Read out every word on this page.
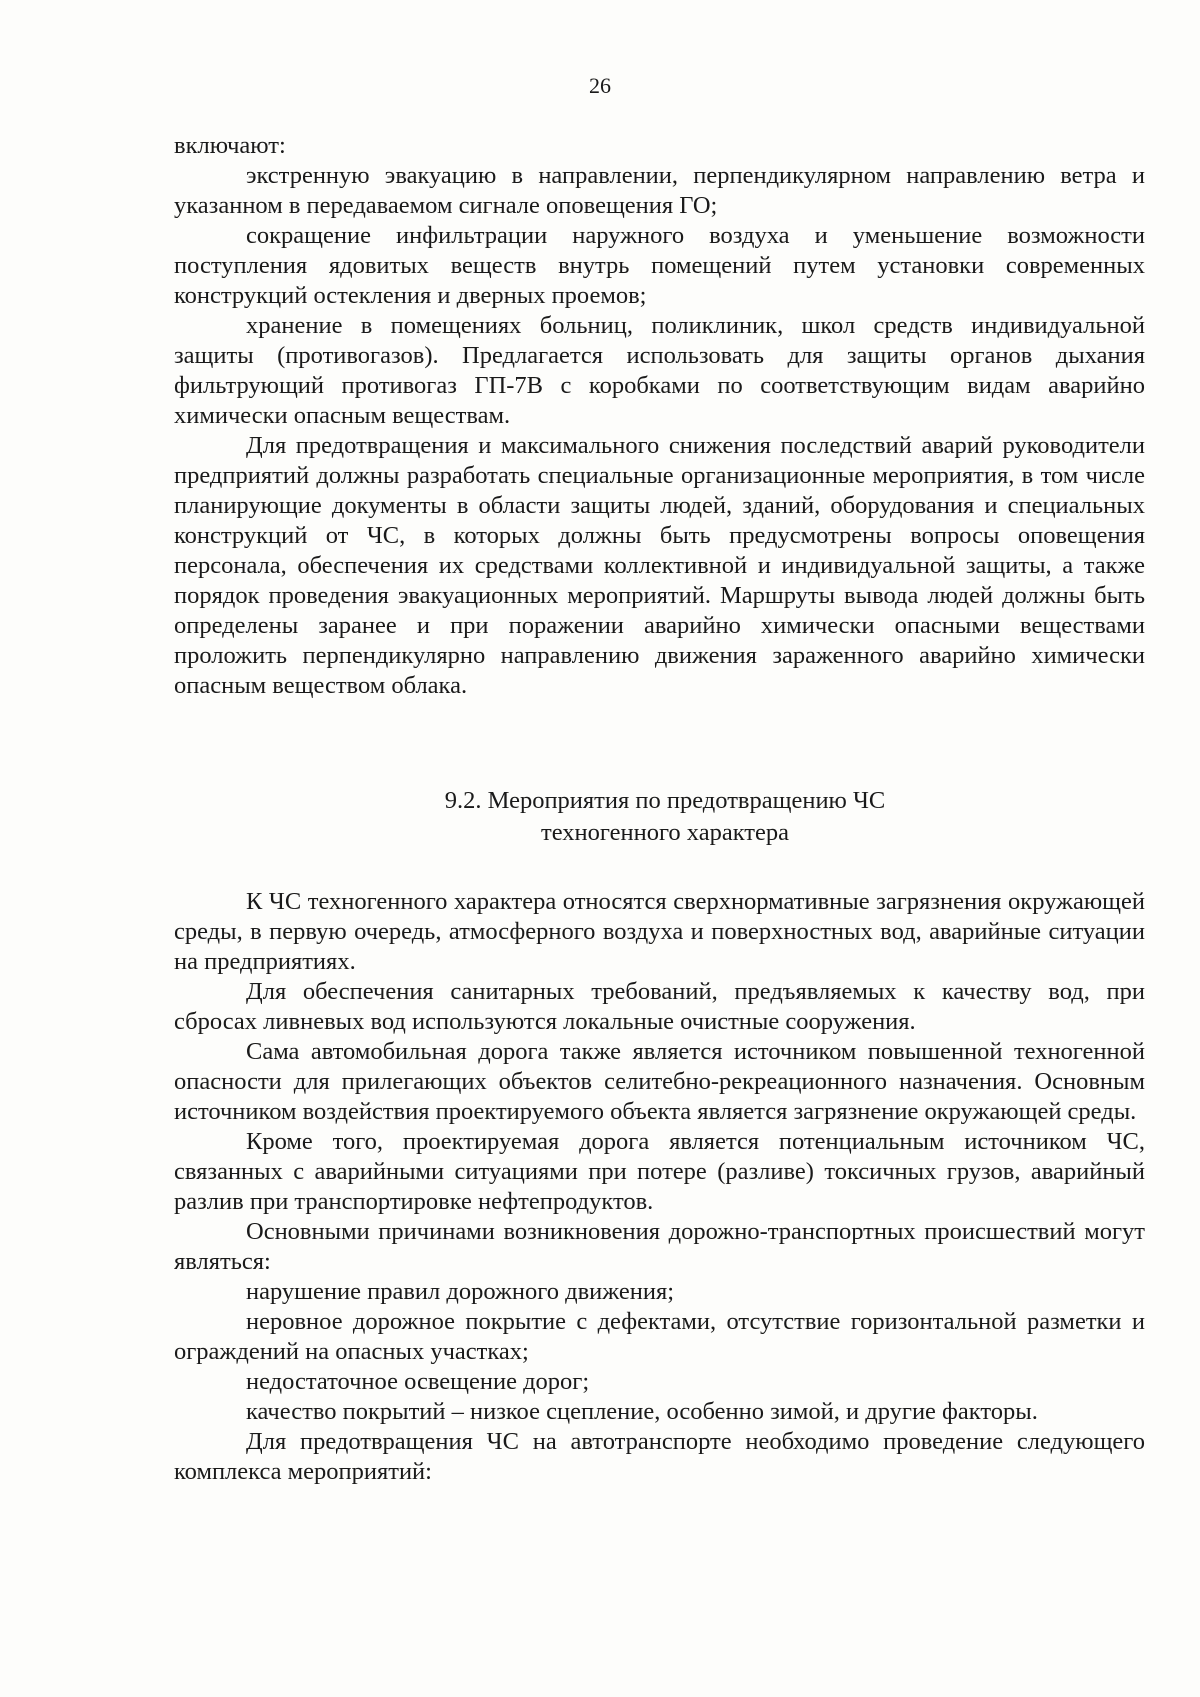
26

включают:

экстренную эвакуацию в направлении, перпендикулярном направлению ветра и указанном в передаваемом сигнале оповещения ГО;

сокращение инфильтрации наружного воздуха и уменьшение возможности поступления ядовитых веществ внутрь помещений путем установки современных конструкций остекления и дверных проемов;

хранение в помещениях больниц, поликлиник, школ средств индивидуальной защиты (противогазов). Предлагается использовать для защиты органов дыхания фильтрующий противогаз ГП-7В с коробками по соответствующим видам аварийно химически опасным веществам.

Для предотвращения и максимального снижения последствий аварий руководители предприятий должны разработать специальные организационные мероприятия, в том числе планирующие документы в области защиты людей, зданий, оборудования и специальных конструкций от ЧС, в которых должны быть предусмотрены вопросы оповещения персонала, обеспечения их средствами коллективной и индивидуальной защиты, а также порядок проведения эвакуационных мероприятий. Маршруты вывода людей должны быть определены заранее и при поражении аварийно химически опасными веществами проложить перпендикулярно направлению движения зараженного аварийно химически опасным веществом облака.

9.2. Мероприятия по предотвращению ЧС
техногенного характера

К ЧС техногенного характера относятся сверхнормативные загрязнения окружающей среды, в первую очередь, атмосферного воздуха и поверхностных вод, аварийные ситуации на предприятиях.

Для обеспечения санитарных требований, предъявляемых к качеству вод, при сбросах ливневых вод используются локальные очистные сооружения.

Сама автомобильная дорога также является источником повышенной техногенной опасности для прилегающих объектов селитебно-рекреационного назначения. Основным источником воздействия проектируемого объекта является загрязнение окружающей среды.

Кроме того, проектируемая дорога является потенциальным источником ЧС, связанных с аварийными ситуациями при потере (разливе) токсичных грузов, аварийный разлив при транспортировке нефтепродуктов.

Основными причинами возникновения дорожно-транспортных происшествий могут являться:

нарушение правил дорожного движения;

неровное дорожное покрытие с дефектами, отсутствие горизонтальной разметки и ограждений на опасных участках;

недостаточное освещение дорог;

качество покрытий – низкое сцепление, особенно зимой, и другие факторы.

Для предотвращения ЧС на автотранспорте необходимо проведение следующего комплекса мероприятий:
